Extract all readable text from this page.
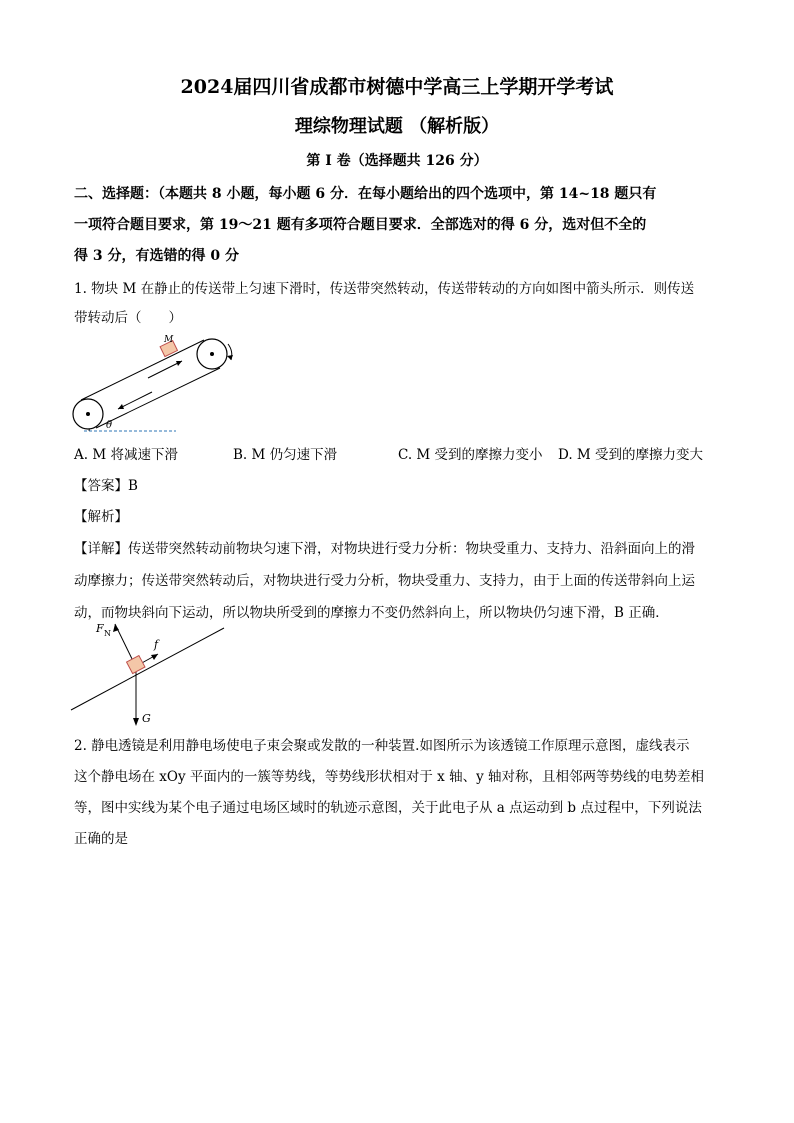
2024届四川省成都市树德中学高三上学期开学考试
理综物理试题 （解析版）
第 I 卷（选择题共 126 分）
二、选择题：（本题共 8 小题，每小题 6 分．在每小题给出的四个选项中，第 14~18 题只有
一项符合题目要求，第 19～21 题有多项符合题目要求．全部选对的得 6 分，选对但不全的
得 3 分，有选错的得 0 分
1. 物块 M 在静止的传送带上匀速下滑时，传送带突然转动，传送带转动的方向如图中箭头所示．则传送
带转动后（　　）
θ
M
A. M 将减速下滑	B. M 仍匀速下滑	C. M 受到的摩擦力变小 D. M 受到的摩擦力变大
【答案】B
【解析】
【详解】传送带突然转动前物块匀速下滑，对物块进行受力分析：物块受重力、支持力、沿斜面向上的滑
动摩擦力；传送带突然转动后，对物块进行受力分析，物块受重力、支持力，由于上面的传送带斜向上运
动，而物块斜向下运动，所以物块所受到的摩擦力不变仍然斜向上，所以物块仍匀速下滑，B 正确．
F N
f
G
2. 静电透镜是利用静电场使电子束会聚或发散的一种装置.如图所示为该透镜工作原理示意图，虚线表示
这个静电场在 xOy 平面内的一簇等势线，等势线形状相对于 x 轴、y 轴对称，且相邻两等势线的电势差相
等，图中实线为某个电子通过电场区域时的轨迹示意图，关于此电子从 a 点运动到 b 点过程中，下列说法
正确的是
